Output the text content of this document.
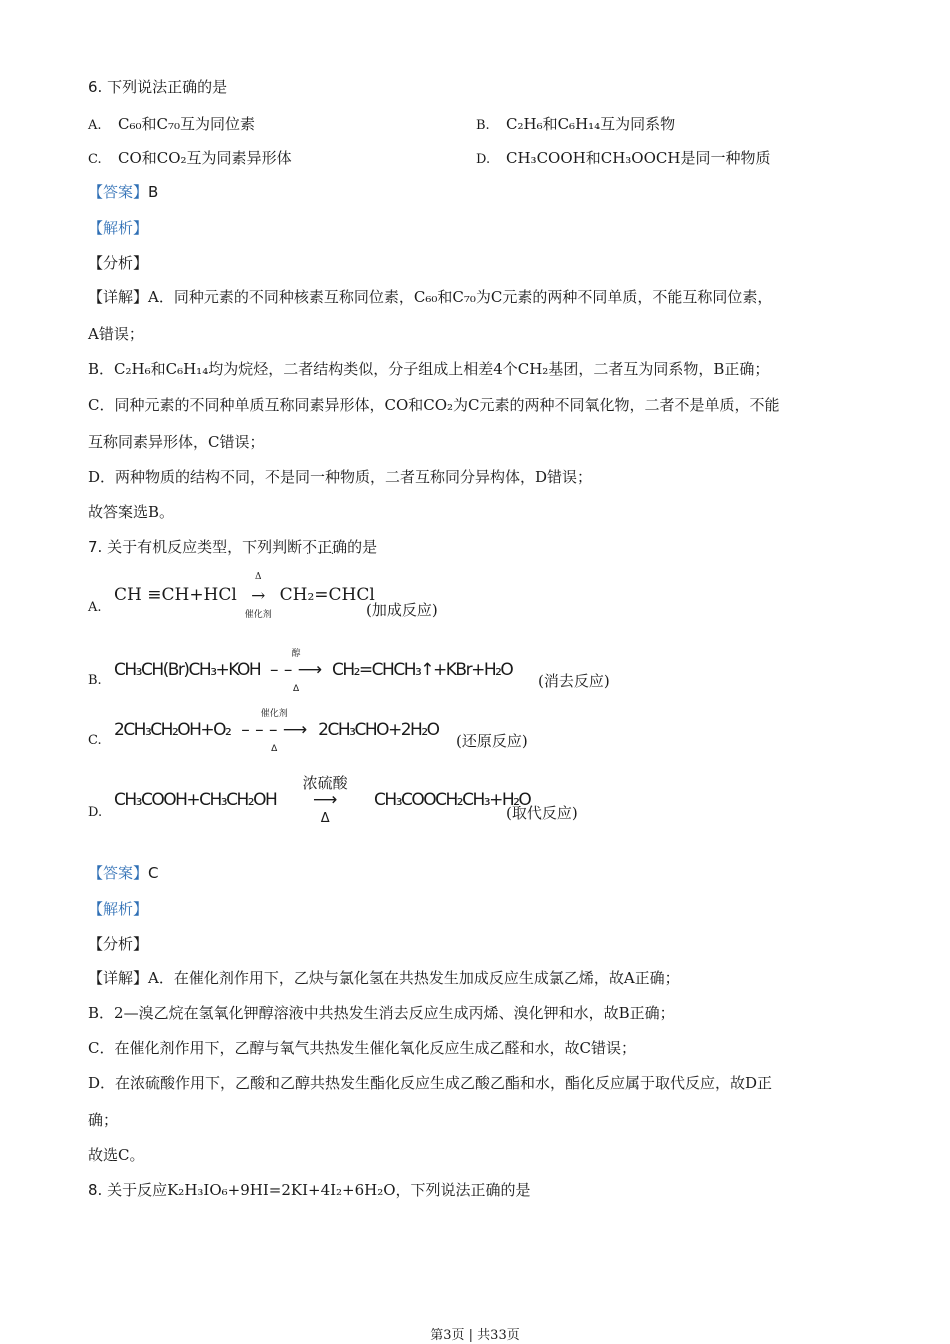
6. 下列说法正确的是
A. C₆₀和C₇₀互为同位素	B. C₂H₆和C₆H₁₄互为同系物
C. CO和CO₂互为同素异形体	D. CH₃COOH和CH₃OOCH是同一种物质
【答案】B
【解析】
【分析】
【详解】A．同种元素的不同种核素互称同位素，C₆₀和C₇₀为C元素的两种不同单质，不能互称同位素，
A错误；
B．C₂H₆和C₆H₁₄均为烷烃，二者结构类似，分子组成上相差4个CH₂基团，二者互为同系物，B正确；
C．同种元素的不同种单质互称同素异形体，CO和CO₂为C元素的两种不同氧化物，二者不是单质，不能
互称同素异形体，C错误；
D．两种物质的结构不同，不是同一种物质，二者互称同分异构体，D错误；
故答案选B。
7. 关于有机反应类型，下列判断不正确 · · ·的是
A.
CH ≡CH+HCl
Δ
→
催化剂
CH₂=CHCl
(加成反应)
B.
CH₃CH(Br)CH₃+KOH
醇
– – ⟶
Δ
CH₂=CHCH₃↑+KBr+H₂O
(消去反应)
C.
2CH₃CH₂OH+O₂
催化剂
– – – ⟶
Δ
2CH₃CHO+2H₂O
(还原反应)
D.
CH₃COOH+CH₃CH₂OH
浓硫酸
⟶
Δ
CH₃COOCH₂CH₃+H₂O
(取代反应)
【答案】C
【解析】
【分析】
【详解】A．在催化剂作用下，乙炔与氯化氢在共热发生加成反应生成氯乙烯，故A正确；
B．2—溴乙烷在氢氧化钾醇溶液中共热发生消去反应生成丙烯、溴化钾和水，故B正确；
C．在催化剂作用下，乙醇与氧气共热发生催化氧化反应生成乙醛和水，故C错误；
D．在浓硫酸作用下，乙酸和乙醇共热发生酯化反应生成乙酸乙酯和水，酯化反应属于取代反应，故D正
确；
故选C。
8. 关于反应K₂H₃IO₆+9HI=2KI+4I₂+6H₂O，下列说法正确的是
第3页 | 共33页
